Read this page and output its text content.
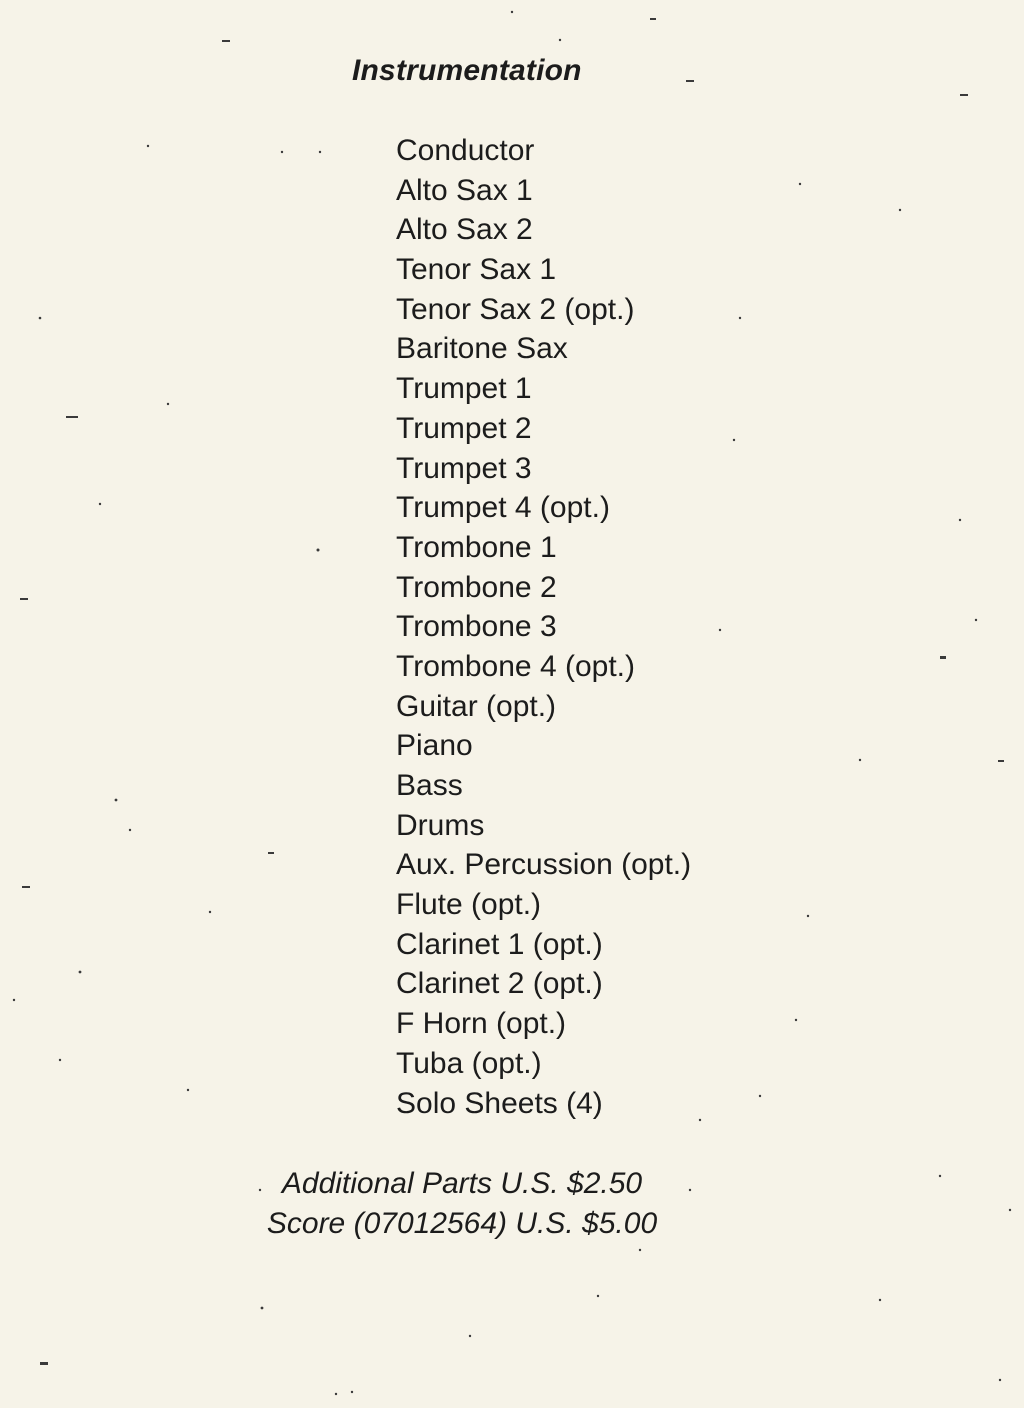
Instrumentation
Conductor
Alto Sax 1
Alto Sax 2
Tenor Sax 1
Tenor Sax 2 (opt.)
Baritone Sax
Trumpet 1
Trumpet 2
Trumpet 3
Trumpet 4 (opt.)
Trombone 1
Trombone 2
Trombone 3
Trombone 4 (opt.)
Guitar (opt.)
Piano
Bass
Drums
Aux. Percussion (opt.)
Flute (opt.)
Clarinet 1 (opt.)
Clarinet 2 (opt.)
F Horn (opt.)
Tuba (opt.)
Solo Sheets (4)
Additional Parts U.S. $2.50
Score (07012564) U.S. $5.00
